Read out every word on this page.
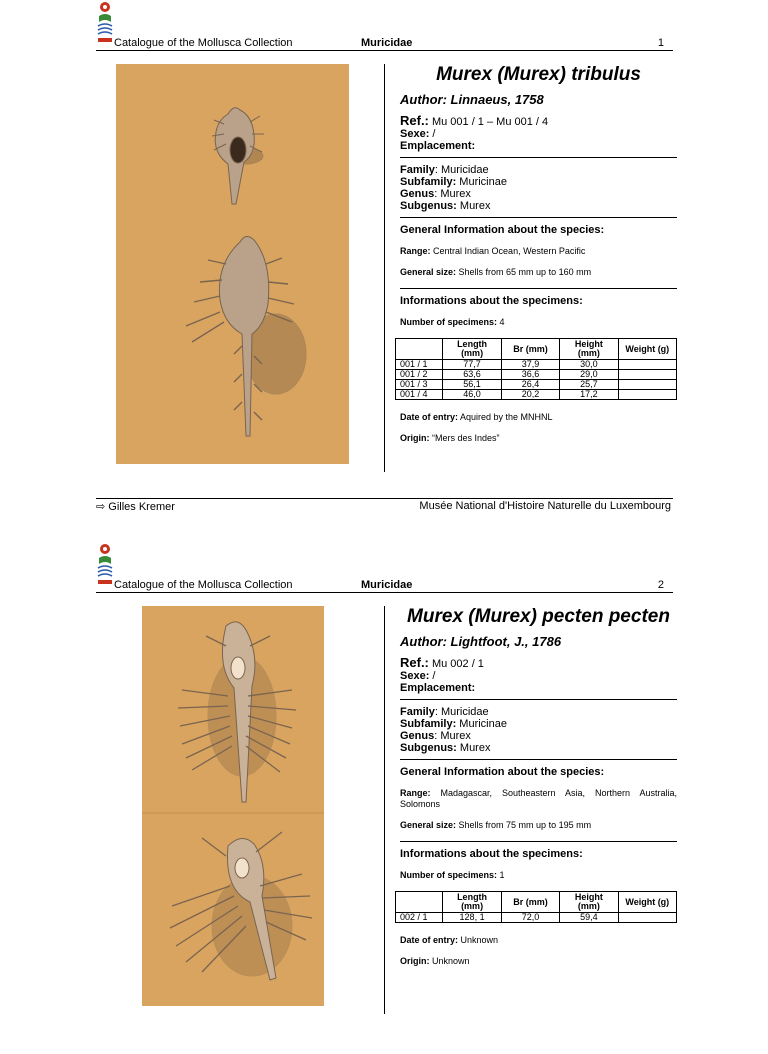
Catalogue of the Mollusca Collection	Muricidae	1
Murex (Murex) tribulus
Author: Linnaeus, 1758
Ref.: Mu 001 / 1 – Mu 001 / 4
Sexe: /
Emplacement:
Family: Muricidae
Subfamily: Muricinae
Genus: Murex
Subgenus: Murex
General Information about the species:
Range: Central Indian Ocean, Western Pacific
General size: Shells from 65 mm up to 160 mm
Informations about the specimens:
Number of specimens: 4
	Length (mm)	Br (mm)	Height (mm)	Weight (g)
001 / 1	77,7	37,9	30,0	
001 / 2	63,6	36,6	29,0	
001 / 3	56,1	26,4	25,7	
001 / 4	46,0	20,2	17,2	
Date of entry: Aquired by the MNHNL
Origin: “Mers des Indes”
⇨ Gilles Kremer	Musée National d'Histoire Naturelle du Luxembourg
Catalogue of the Mollusca Collection	Muricidae	2
Murex (Murex) pecten pecten
Author: Lightfoot, J., 1786
Ref.: Mu 002 / 1
Sexe: /
Emplacement:
Family: Muricidae
Subfamily: Muricinae
Genus: Murex
Subgenus: Murex
General Information about the species:
Range: Madagascar, Southeastern Asia, Northern Australia, Solomons
General size: Shells from 75 mm up to 195 mm
Informations about the specimens:
Number of specimens: 1
	Length (mm)	Br (mm)	Height (mm)	Weight (g)
002 / 1	128, 1	72,0	59,4	
Date of entry: Unknown
Origin: Unknown
